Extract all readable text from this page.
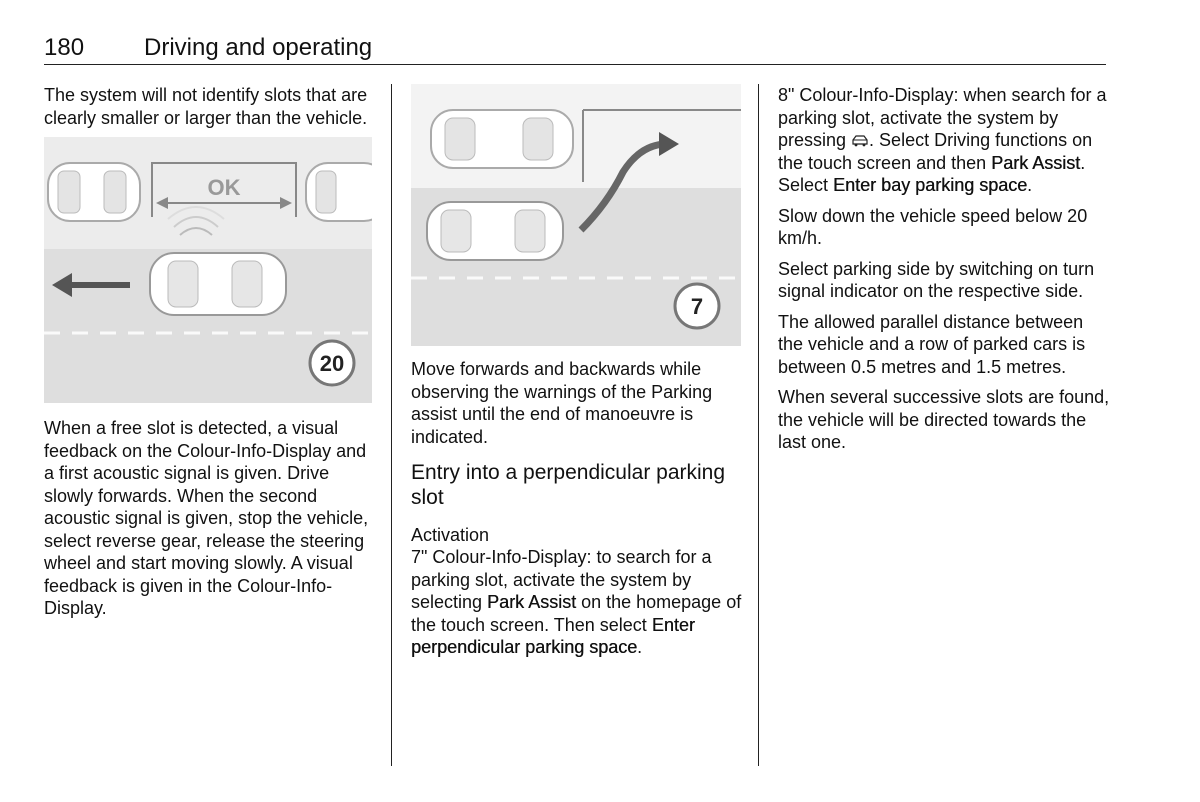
180 Driving and operating

The system will not identify slots that are clearly smaller or larger than the vehicle.

OK
20

When a free slot is detected, a visual feedback on the Colour-Info-Display and a first acoustic signal is given. Drive slowly forwards. When the second acoustic signal is given, stop the vehicle, select reverse gear, release the steering wheel and start moving slowly. A visual feedback is given in the Colour-Info-Display.

7

Move forwards and backwards while observing the warnings of the Parking assist until the end of manoeuvre is indicated.

Entry into a perpendicular parking slot
Activation

7" Colour-Info-Display: to search for a parking slot, activate the system by selecting Park Assist on the homepage of the touch screen. Then select Enter perpendicular parking space.

8" Colour-Info-Display: when search for a parking slot, activate the system by pressing . Select Driving functions on the touch screen and then Park Assist. Select Enter bay parking space.

Slow down the vehicle speed below 20 km/h.

Select parking side by switching on turn signal indicator on the respective side.

The allowed parallel distance between the vehicle and a row of parked cars is between 0.5 metres and 1.5 metres.

When several successive slots are found, the vehicle will be directed towards the last one.
